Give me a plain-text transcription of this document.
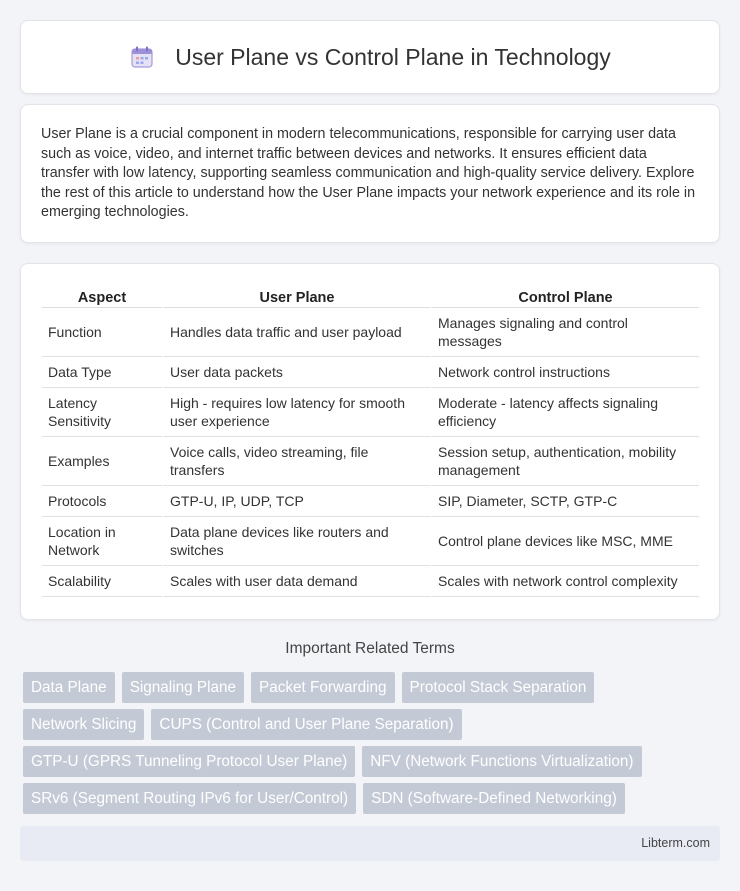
User Plane vs Control Plane in Technology

User Plane is a crucial component in modern telecommunications, responsible for carrying user data such as voice, video, and internet traffic between devices and networks. It ensures efficient data transfer with low latency, supporting seamless communication and high-quality service delivery. Explore the rest of this article to understand how the User Plane impacts your network experience and its role in emerging technologies.

Aspect	User Plane	Control Plane
Function	Handles data traffic and user payload	Manages signaling and control messages
Data Type	User data packets	Network control instructions
Latency Sensitivity	High - requires low latency for smooth user experience	Moderate - latency affects signaling efficiency
Examples	Voice calls, video streaming, file transfers	Session setup, authentication, mobility management
Protocols	GTP-U, IP, UDP, TCP	SIP, Diameter, SCTP, GTP-C
Location in Network	Data plane devices like routers and switches	Control plane devices like MSC, MME
Scalability	Scales with user data demand	Scales with network control complexity
Important Related Terms
Data Plane	Signaling Plane	Packet Forwarding	Protocol Stack Separation
Network Slicing	CUPS (Control and User Plane Separation)
GTP-U (GPRS Tunneling Protocol User Plane)	NFV (Network Functions Virtualization)
SRv6 (Segment Routing IPv6 for User/Control)	SDN (Software-Defined Networking)
Libterm.com
